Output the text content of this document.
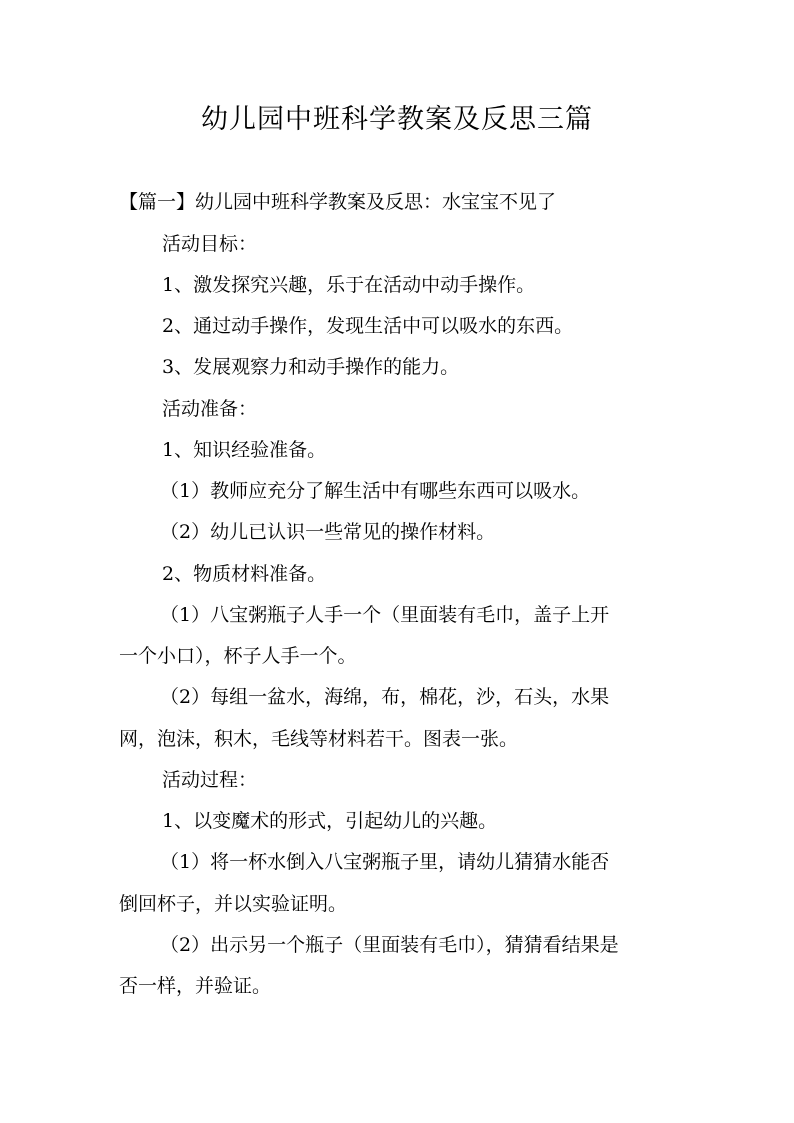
幼儿园中班科学教案及反思三篇
【篇一】幼儿园中班科学教案及反思：水宝宝不见了
活动目标：
1、激发探究兴趣，乐于在活动中动手操作。
2、通过动手操作，发现生活中可以吸水的东西。
3、发展观察力和动手操作的能力。
活动准备：
1、知识经验准备。
（1）教师应充分了解生活中有哪些东西可以吸水。
（2）幼儿已认识一些常见的操作材料。
2、物质材料准备。
（1）八宝粥瓶子人手一个（里面装有毛巾，盖子上开
一个小口），杯子人手一个。
（2）每组一盆水，海绵，布，棉花，沙，石头，水果
网，泡沫，积木，毛线等材料若干。图表一张。
活动过程：
1、以变魔术的形式，引起幼儿的兴趣。
（1）将一杯水倒入八宝粥瓶子里，请幼儿猜猜水能否
倒回杯子，并以实验证明。
（2）出示另一个瓶子（里面装有毛巾），猜猜看结果是
否一样，并验证。
